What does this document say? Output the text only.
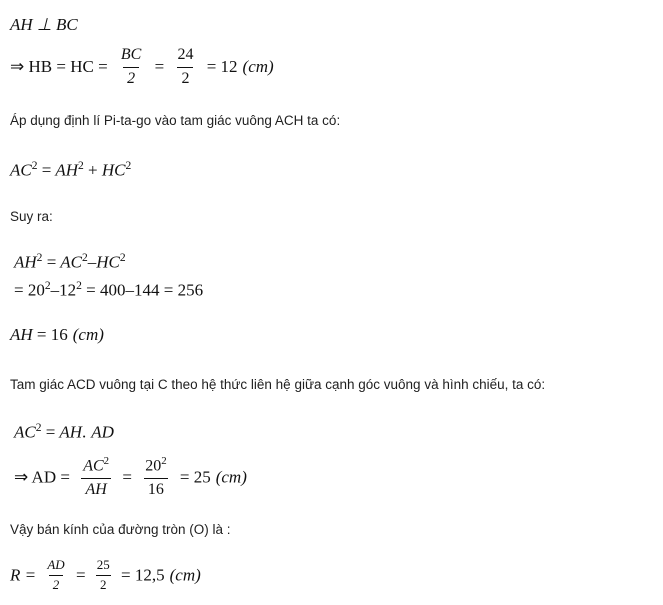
AH ⊥ BC
⇒ HB = HC = $\frac{BC}{2} = \frac{24}{2} = 12$ (cm)
Áp dụng định lí Pi-ta-go vào tam giác vuông ACH ta có:
$AC^2 = AH^2 + HC^2$
Suy ra:
$AH^2 = AC^2-HC^2$
= $20^2-12^2 = 400-144 = 256$
AH = 16 (cm)
Tam giác ACD vuông tại C theo hệ thức liên hệ giữa cạnh góc vuông và hình chiếu, ta có:
$AC^2$ = AH. AD
⇒ AD = $\frac{AC^2}{AH} = \frac{20^2}{16} = 25$ (cm)
Vậy bán kính của đường tròn (O) là :
$R = \frac{AD}{2} = \frac{25}{2} = 12,5$ (cm)
